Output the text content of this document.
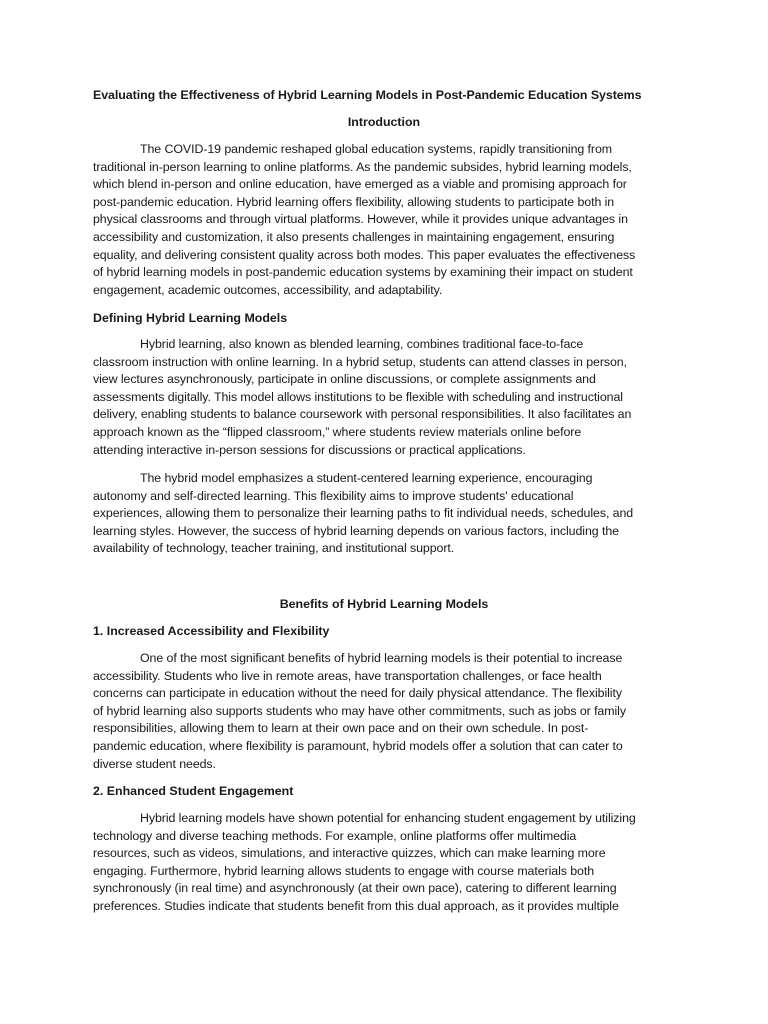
Evaluating the Effectiveness of Hybrid Learning Models in Post-Pandemic Education Systems
Introduction
The COVID-19 pandemic reshaped global education systems, rapidly transitioning from
traditional in-person learning to online platforms. As the pandemic subsides, hybrid learning models,
which blend in-person and online education, have emerged as a viable and promising approach for
post-pandemic education. Hybrid learning offers flexibility, allowing students to participate both in
physical classrooms and through virtual platforms. However, while it provides unique advantages in
accessibility and customization, it also presents challenges in maintaining engagement, ensuring
equality, and delivering consistent quality across both modes. This paper evaluates the effectiveness
of hybrid learning models in post-pandemic education systems by examining their impact on student
engagement, academic outcomes, accessibility, and adaptability.
Defining Hybrid Learning Models
Hybrid learning, also known as blended learning, combines traditional face-to-face
classroom instruction with online learning. In a hybrid setup, students can attend classes in person,
view lectures asynchronously, participate in online discussions, or complete assignments and
assessments digitally. This model allows institutions to be flexible with scheduling and instructional
delivery, enabling students to balance coursework with personal responsibilities. It also facilitates an
approach known as the “flipped classroom,” where students review materials online before
attending interactive in-person sessions for discussions or practical applications.
The hybrid model emphasizes a student-centered learning experience, encouraging
autonomy and self-directed learning. This flexibility aims to improve students' educational
experiences, allowing them to personalize their learning paths to fit individual needs, schedules, and
learning styles. However, the success of hybrid learning depends on various factors, including the
availability of technology, teacher training, and institutional support.
Benefits of Hybrid Learning Models
1. Increased Accessibility and Flexibility
One of the most significant benefits of hybrid learning models is their potential to increase
accessibility. Students who live in remote areas, have transportation challenges, or face health
concerns can participate in education without the need for daily physical attendance. The flexibility
of hybrid learning also supports students who may have other commitments, such as jobs or family
responsibilities, allowing them to learn at their own pace and on their own schedule. In post-
pandemic education, where flexibility is paramount, hybrid models offer a solution that can cater to
diverse student needs.
2. Enhanced Student Engagement
Hybrid learning models have shown potential for enhancing student engagement by utilizing
technology and diverse teaching methods. For example, online platforms offer multimedia
resources, such as videos, simulations, and interactive quizzes, which can make learning more
engaging. Furthermore, hybrid learning allows students to engage with course materials both
synchronously (in real time) and asynchronously (at their own pace), catering to different learning
preferences. Studies indicate that students benefit from this dual approach, as it provides multiple
